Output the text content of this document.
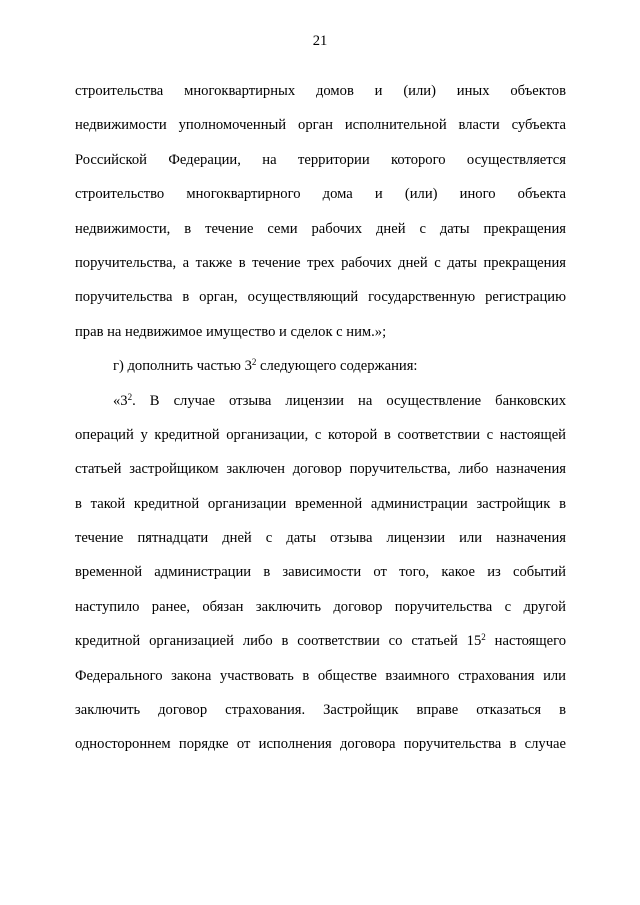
21
строительства многоквартирных домов и (или) иных объектов
недвижимости уполномоченный орган исполнительной власти субъекта
Российской Федерации, на территории которого осуществляется
строительство многоквартирного дома и (или) иного объекта
недвижимости, в течение семи рабочих дней с даты прекращения
поручительства, а также в течение трех рабочих дней с даты прекращения
поручительства в орган, осуществляющий государственную регистрацию
прав на недвижимое имущество и сделок с ним.»;
г) дополнить частью $3^2$ следующего содержания:
«$3^2$. В случае отзыва лицензии на осуществление банковских
операций у кредитной организации, с которой в соответствии с настоящей
статьей застройщиком заключен договор поручительства, либо назначения
в такой кредитной организации временной администрации застройщик в
течение пятнадцати дней с даты отзыва лицензии или назначения
временной администрации в зависимости от того, какое из событий
наступило ранее, обязан заключить договор поручительства с другой
кредитной организацией либо в соответствии со статьей $15^2$ настоящего
Федерального закона участвовать в обществе взаимного страхования или
заключить договор страхования. Застройщик вправе отказаться в
одностороннем порядке от исполнения договора поручительства в случае
